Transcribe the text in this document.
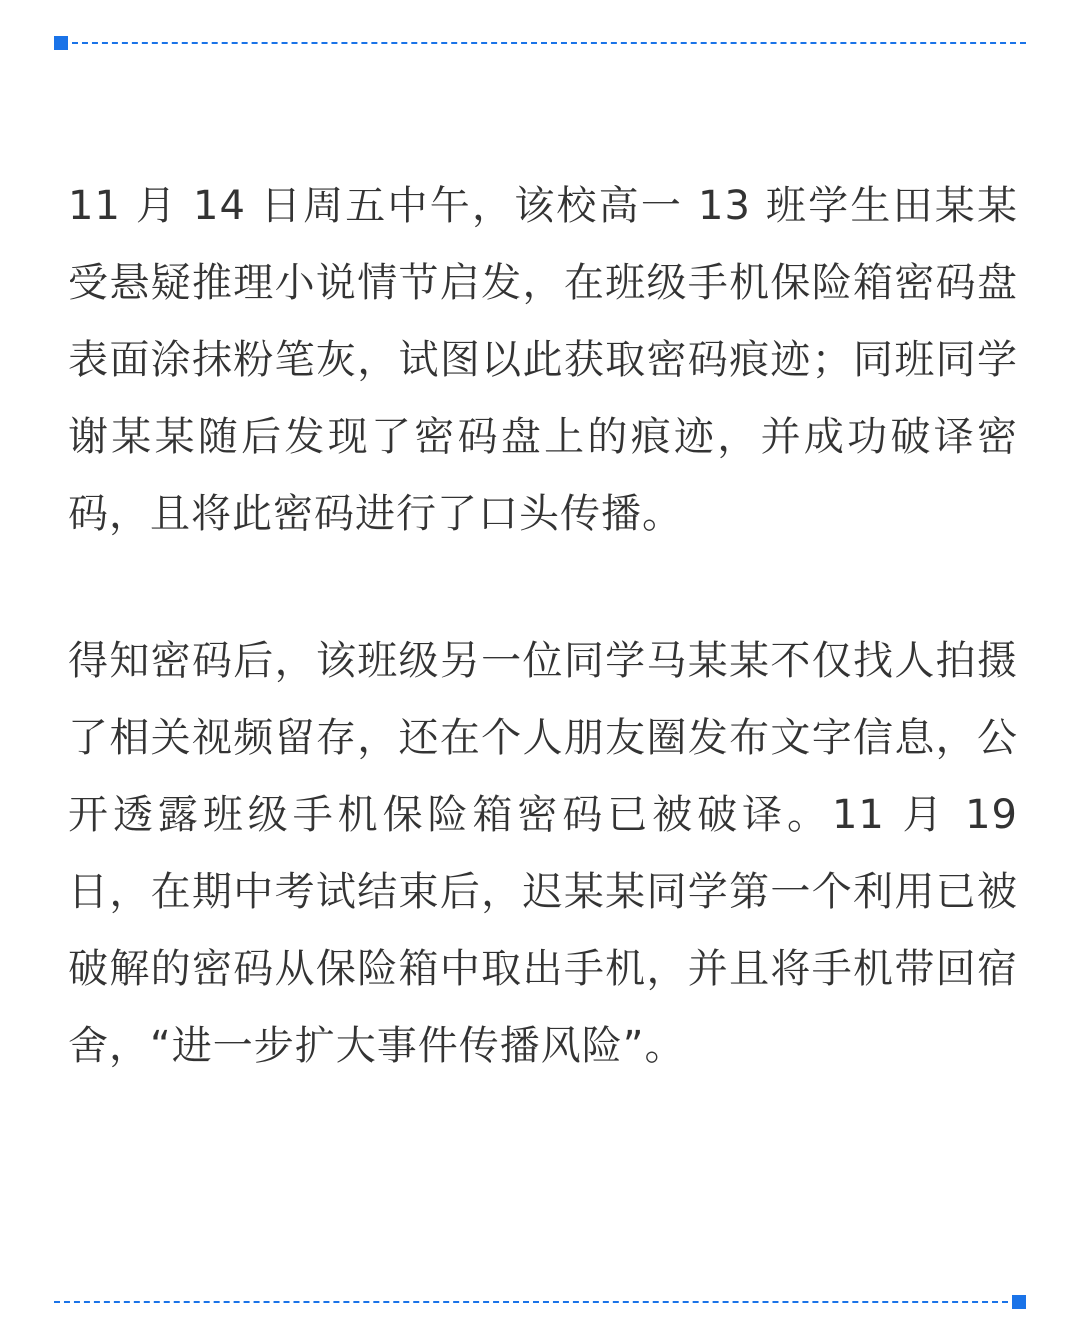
11 月 14 日周五中午，该校高一 13 班学生田某某受悬疑推理小说情节启发，在班级手机保险箱密码盘表面涂抹粉笔灰，试图以此获取密码痕迹；同班同学谢某某随后发现了密码盘上的痕迹，并成功破译密码，且将此密码进行了口头传播。

得知密码后，该班级另一位同学马某某不仅找人拍摄了相关视频留存，还在个人朋友圈发布文字信息，公开透露班级手机保险箱密码已被破译。11 月 19 日，在期中考试结束后，迟某某同学第一个利用已被破解的密码从保险箱中取出手机，并且将手机带回宿舍，“进一步扩大事件传播风险”。
